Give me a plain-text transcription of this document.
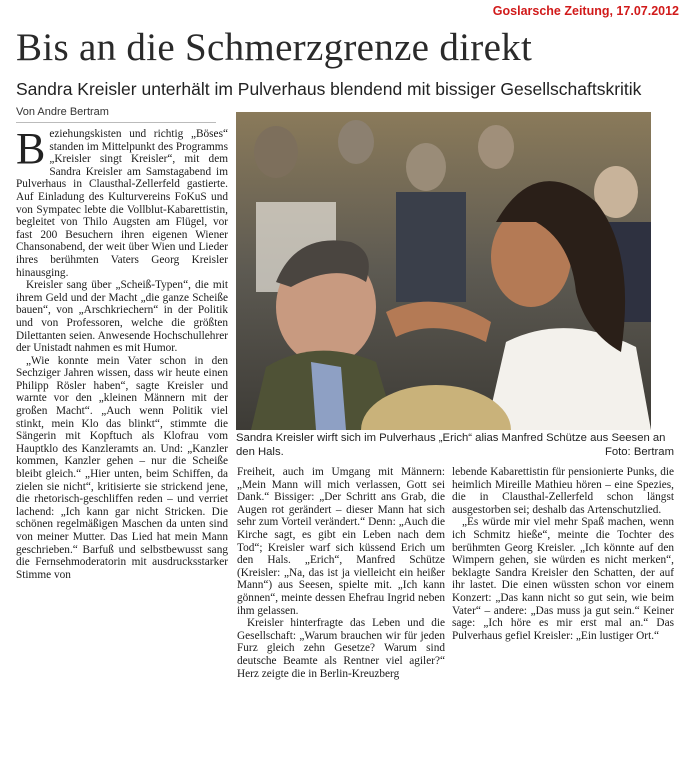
Goslarsche Zeitung, 17.07.2012
Bis an die Schmerzgrenze direkt
Sandra Kreisler unterhält im Pulverhaus blendend mit bissiger Gesellschaftskritik
Von Andre Bertram

Beziehungskisten und richtig „Böses“ standen im Mittelpunkt des Programms „Kreisler singt Kreisler“, mit dem Sandra Kreisler am Samstagabend im Pulverhaus in Clausthal-Zellerfeld gastierte. Auf Einladung des Kulturvereins FoKuS und von Sympatec lebte die Vollblut-Kabarettistin, begleitet von Thilo Augsten am Flügel, vor fast 200 Besuchern ihren eigenen Wiener Chansonabend, der weit über Wien und Lieder ihres berühmten Vaters Georg Kreisler hinausging.

Kreisler sang über „Scheiß-Typen“, die mit ihrem Geld und der Macht „die ganze Scheiße bauen“, von „Arschkriechern“ in der Politik und von Professoren, welche die größten Dilettanten seien. Anwesende Hochschullehrer der Unistadt nahmen es mit Humor.

„Wie konnte mein Vater schon in den Sechziger Jahren wissen, dass wir heute einen Philipp Rösler haben“, sagte Kreisler und warnte vor den „kleinen Männern mit der großen Macht“. „Auch wenn Politik viel stinkt, mein Klo das blinkt“, stimmte die Sängerin mit Kopftuch als Klofrau vom Hauptklo des Kanzleramts an. Und: „Kanzler kommen, Kanzler gehen – nur die Scheiße bleibt gleich.“ „Hier unten, beim Schiffen, da zielen sie nicht“, kritisierte sie strickend jene, die rhetorisch-geschliffen reden – und verriet lachend: „Ich kann gar nicht Stricken. Die schönen regelmäßigen Maschen da unten sind von meiner Mutter. Das Lied hat mein Mann geschrieben.“ Barfuß und selbstbewusst sang die Fernsehmoderatorin mit ausdrucksstarker Stimme von

Sandra Kreisler wirft sich im Pulverhaus „Erich“ alias Manfred Schütze aus Seesen an den Hals.	Foto: Bertram

Freiheit, auch im Umgang mit Männern: „Mein Mann will mich verlassen, Gott sei Dank.“ Bissiger: „Der Schritt ans Grab, die Augen rot gerändert – dieser Mann hat sich sehr zum Vorteil verändert.“ Denn: „Auch die Kirche sagt, es gibt ein Leben nach dem Tod“; Kreisler warf sich küssend Erich um den Hals. „Erich“, Manfred Schütze (Kreisler: „Na, das ist ja vielleicht ein heißer Mann“) aus Seesen, spielte mit. „Ich kann gönnen“, meinte dessen Ehefrau Ingrid neben ihm gelassen.

Kreisler hinterfragte das Leben und die Gesellschaft: „Warum brauchen wir für jeden Furz gleich zehn Gesetze? Warum sind deutsche Beamte als Rentner viel agiler?“ Herz zeigte die in Berlin-Kreuzberg

lebende Kabarettistin für pensionierte Punks, die heimlich Mireille Mathieu hören – eine Spezies, die in Clausthal-Zellerfeld schon längst ausgestorben sei; deshalb das Artenschutzlied.

„Es würde mir viel mehr Spaß machen, wenn ich Schmitz hieße“, meinte die Tochter des berühmten Georg Kreisler. „Ich könnte auf den Wimpern gehen, sie würden es nicht merken“, beklagte Sandra Kreisler den Schatten, der auf ihr lastet. Die einen wüssten schon vor einem Konzert: „Das kann nicht so gut sein, wie beim Vater“ – andere: „Das muss ja gut sein.“ Keiner sage: „Ich höre es mir erst mal an.“ Das Pulverhaus gefiel Kreisler: „Ein lustiger Ort.“
